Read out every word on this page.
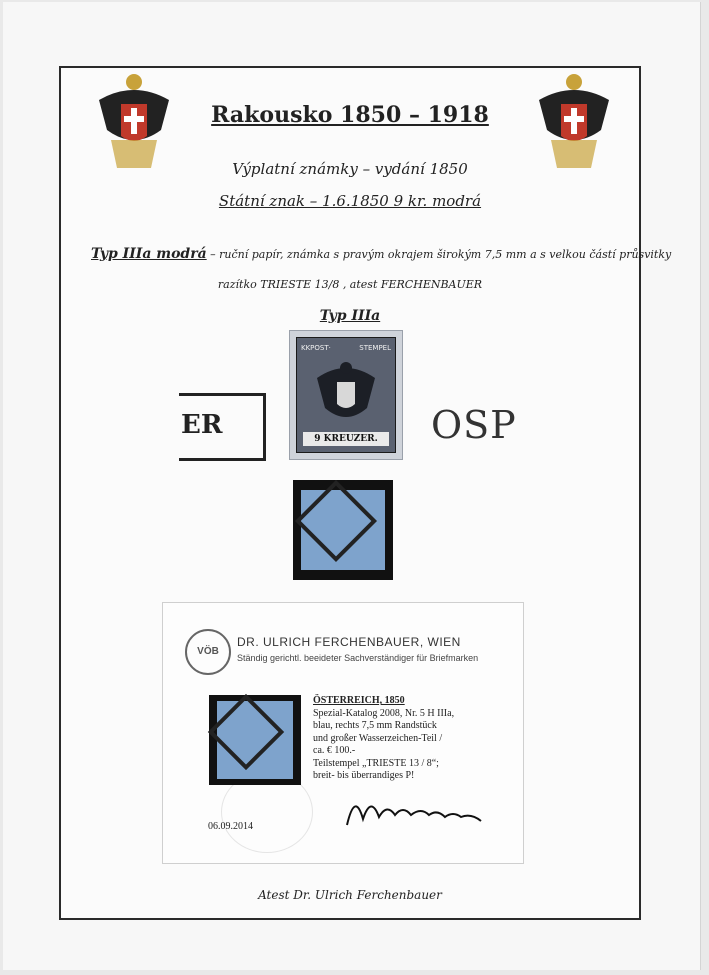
Rakousko 1850 – 1918
Výplatní známky – vydání 1850
Státní znak – 1.6.1850 9 kr. modrá
Typ IIIa modrá – ruční papír, známka s pravým okrajem širokým 7,5 mm a s velkou částí průsvitky
razítko TRIESTE 13/8 , atest FERCHENBAUER
Typ IIIa
KKPOST·	STEMPEL
9 KREUZER.
ER	OSP
VÖB
DR. ULRICH FERCHENBAUER, WIEN
Ständig gerichtl. beeideter Sachverständiger für Briefmarken
ÖSTERREICH, 1850
Spezial-Katalog 2008, Nr. 5 H IIIa,
blau, rechts 7,5 mm Randstück
und großer Wasserzeichen-Teil /
ca. € 100.-
Teilstempel „TRIESTE 13 / 8“;
breit- bis überrandiges P!
06.09.2014
Atest Dr. Ulrich Ferchenbauer
